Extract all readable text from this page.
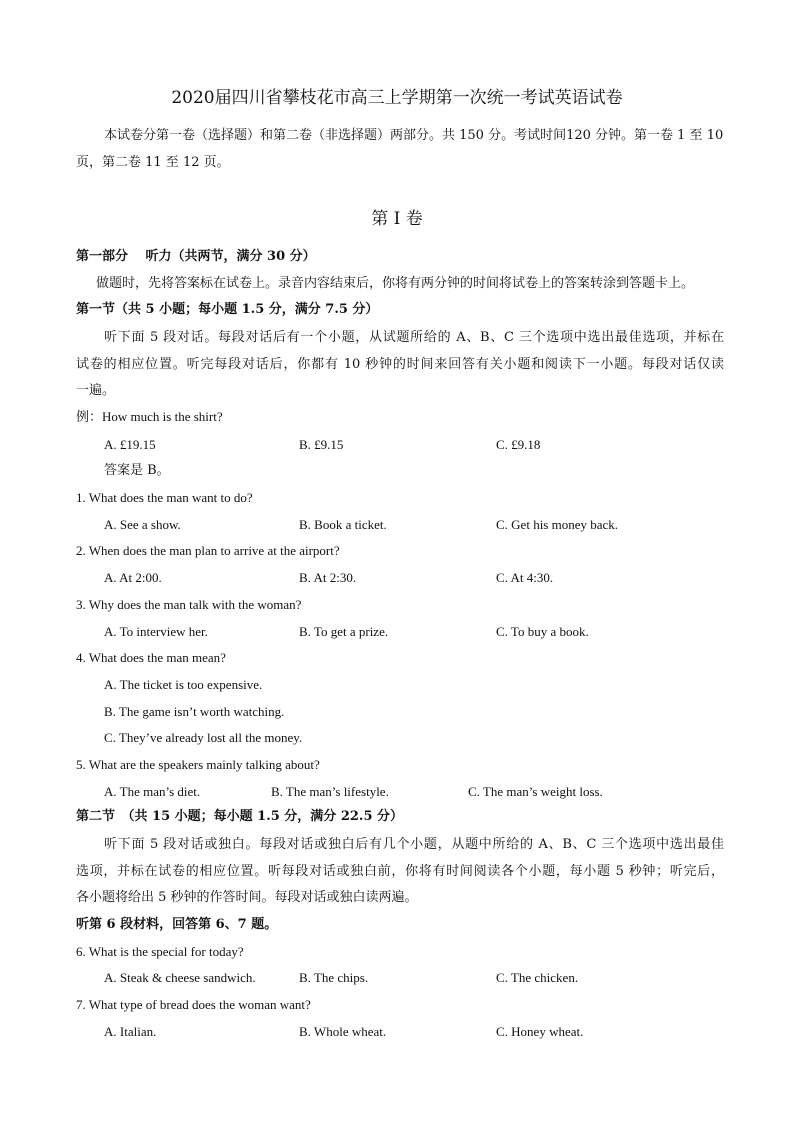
2020届四川省攀枝花市高三上学期第一次统一考试英语试卷
本试卷分第一卷（选择题）和第二卷（非选择题）两部分。共 150 分。考试时间120 分钟。第一卷 1 至 10
页，第二卷 11 至 12 页。
第 I 卷
第一部分　 听力（共两节，满分 30 分）
做题时，先将答案标在试卷上。录音内容结束后，你将有两分钟的时间将试卷上的答案转涂到答题卡上。
第一节（共 5 小题；每小题 1.5 分，满分 7.5 分）
听下面 5 段对话。每段对话后有一个小题，从试题所给的 A、B、C 三个选项中选出最佳选项，并标在
试卷的相应位置。听完每段对话后，你都有 10 秒钟的时间来回答有关小题和阅读下一小题。每段对话仅读
一遍。
例：How much is the shirt?
A. £19.15	B. £9.15	C. £9.18
答案是 B。
1. What does the man want to do?
A. See a show.	B. Book a ticket.	C. Get his money back.
2. When does the man plan to arrive at the airport?
A. At 2:00.	B. At 2:30.	C. At 4:30.
3. Why does the man talk with the woman?
A. To interview her.	B. To get a prize.	C. To buy a book.
4. What does the man mean?
A. The ticket is too expensive.
B. The game isn’t worth watching.
C. They’ve already lost all the money.
5. What are the speakers mainly talking about?
A. The man’s diet.	B. The man’s lifestyle.	C. The man’s weight loss.
第二节　（共 15 小题；每小题 1.5 分，满分 22.5 分）
听下面 5 段对话或独白。每段对话或独白后有几个小题，从题中所给的 A、B、C 三个选项中选出最佳
选项，并标在试卷的相应位置。听每段对话或独白前，你将有时间阅读各个小题，每小题 5 秒钟；听完后，
各小题将给出 5 秒钟的作答时间。每段对话或独白读两遍。
听第 6 段材料，回答第 6、7 题。
6. What is the special for today?
A. Steak & cheese sandwich.	B. The chips.	C. The chicken.
7. What type of bread does the woman want?
A. Italian.	B. Whole wheat.	C. Honey wheat.
